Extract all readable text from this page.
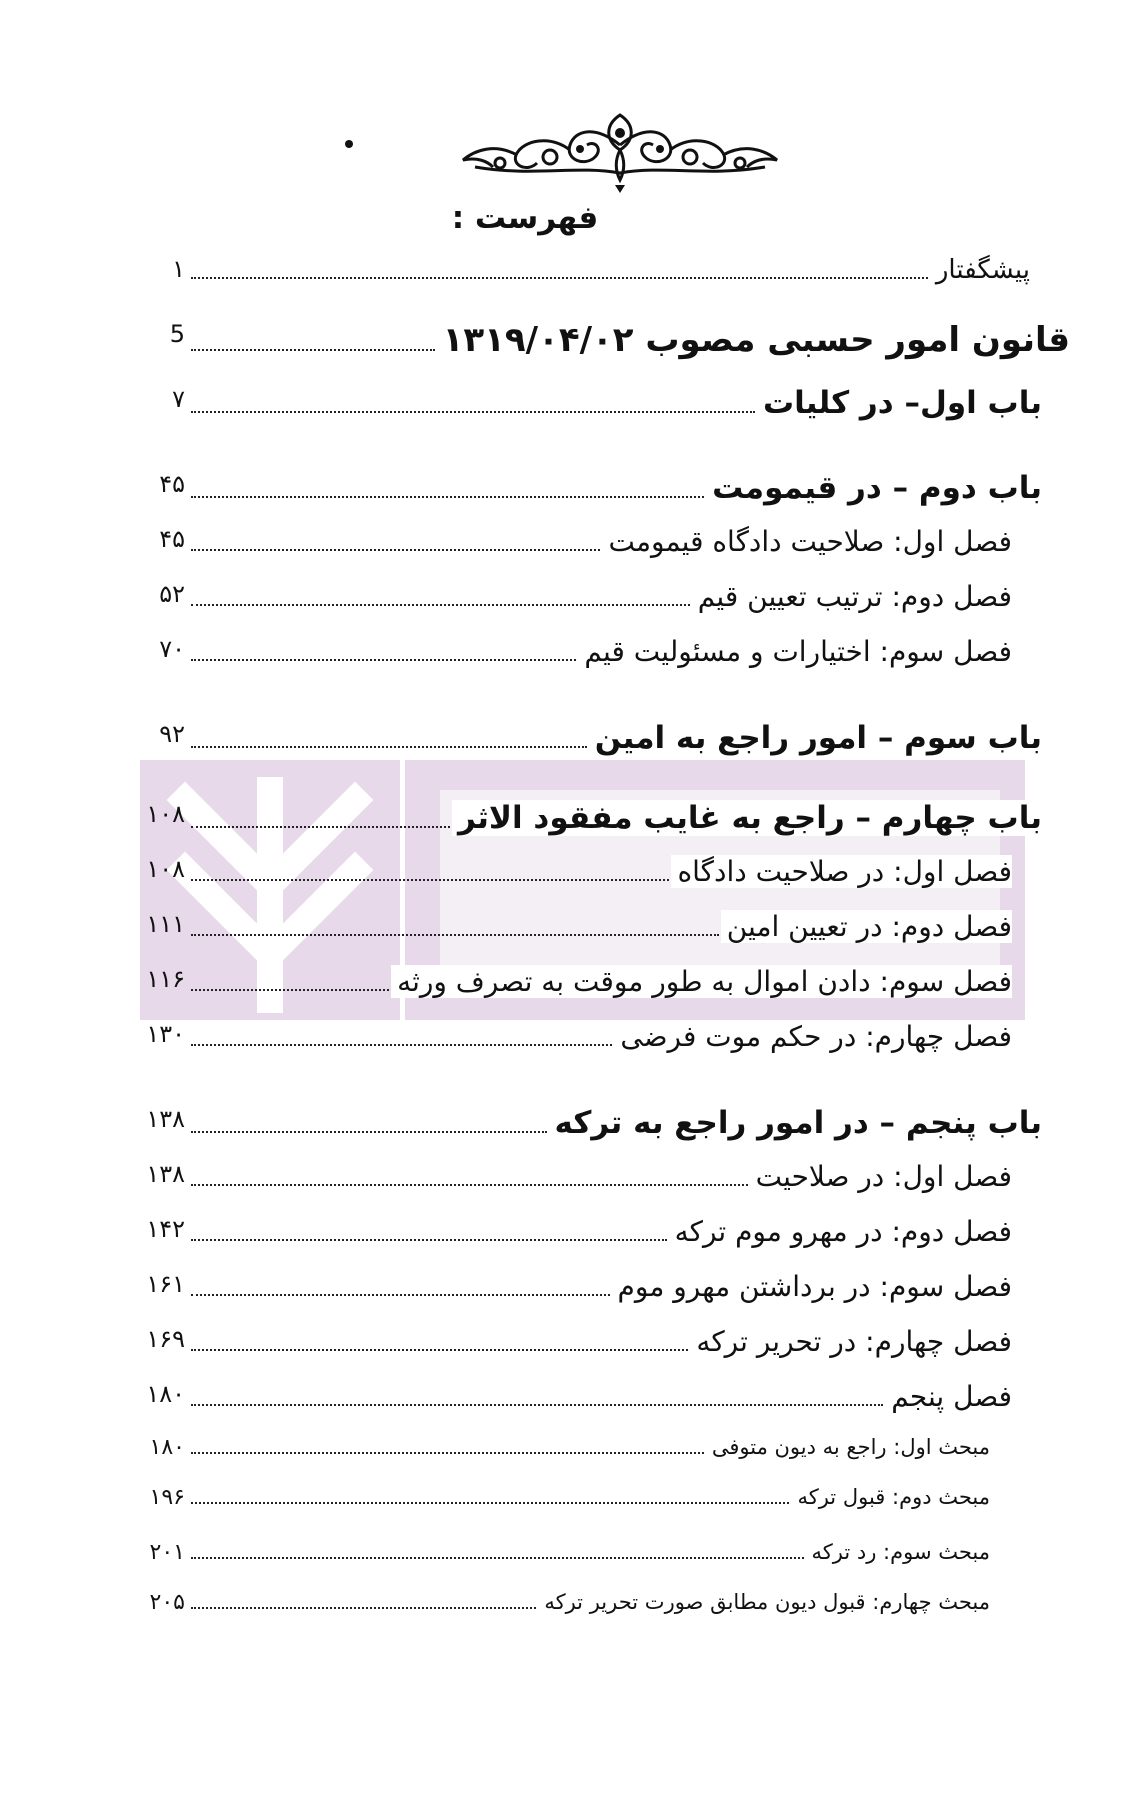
فهرست :
پیشگفتار
۱
قانون امور حسبی مصوب ۱۳۱۹/۰۴/۰۲
5
باب اول– در کلیات
۷
باب دوم – در قیمومت
۴۵
فصل اول: صلاحیت دادگاه قیمومت
۴۵
فصل دوم: ترتیب تعیین قیم
۵۲
فصل سوم: اختیارات و مسئولیت قیم
۷۰
باب سوم – امور راجع به امین
۹۲
باب چهارم – راجع به غایب مفقود الاثر
۱۰۸
فصل اول: در صلاحیت دادگاه
۱۰۸
فصل دوم: در تعیین امین
۱۱۱
فصل سوم: دادن اموال به طور موقت به تصرف ورثه
۱۱۶
فصل چهارم: در حکم موت فرضی
۱۳۰
باب پنجم – در امور راجع به ترکه
۱۳۸
فصل اول: در صلاحیت
۱۳۸
فصل دوم: در مهرو موم ترکه
۱۴۲
فصل سوم: در برداشتن مهرو موم
۱۶۱
فصل چهارم: در تحریر ترکه
۱۶۹
فصل پنجم
۱۸۰
مبحث اول: راجع به دیون متوفی
۱۸۰
مبحث دوم: قبول ترکه
۱۹۶
مبحث سوم: رد ترکه
۲۰۱
مبحث چهارم: قبول دیون مطابق صورت تحریر ترکه
۲۰۵
